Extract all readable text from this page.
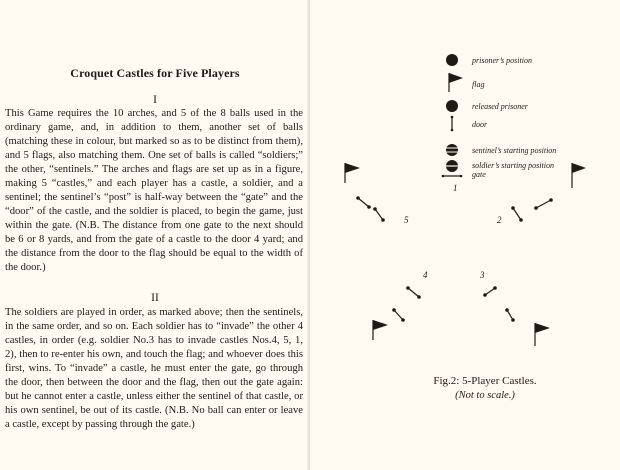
Croquet Castles for Five Players
I

This Game requires the 10 arches, and 5 of the 8 balls used in the ordinary game, and, in addition to them, another set of balls (matching these in colour, but marked so as to be distinct from them), and 5 flags, also matching them. One set of balls is called “soldiers;” the other, “sentinels.” The arches and flags are set up as in a figure, making 5 “castles,” and each player has a castle, a soldier, and a sentinel; the sentinel’s “post” is half-way between the “gate” and the “door” of the castle, and the soldier is placed, to begin the game, just within the gate. (N.B. The distance from one gate to the next should be 6 or 8 yards, and from the gate of a castle to the door 4 yard; and the distance from the door to the flag should be equal to the width of the door.)

II

The soldiers are played in order, as marked above; then the sentinels, in the same order, and so on. Each soldier has to “invade” the other 4 castles, in order (e.g. soldier No.3 has to invade castles Nos.4, 5, 1, 2), then to re-enter his own, and touch the flag; and whoever does this first, wins. To “invade” a castle, he must enter the gate, go through the door, then between the door and the flag, then out the gate again: but he cannot enter a castle, unless either the sentinel of that castle, or his own sentinel, be out of its castle. (N.B. No ball can enter or leave a castle, except by passing through the gate.)

prisoner’s position
flag
released prisoner
door
sentinel’s starting position
soldier’s starting position
gate
1
2
3
4
5
Fig.2: 5-Player Castles.
(Not to scale.)
